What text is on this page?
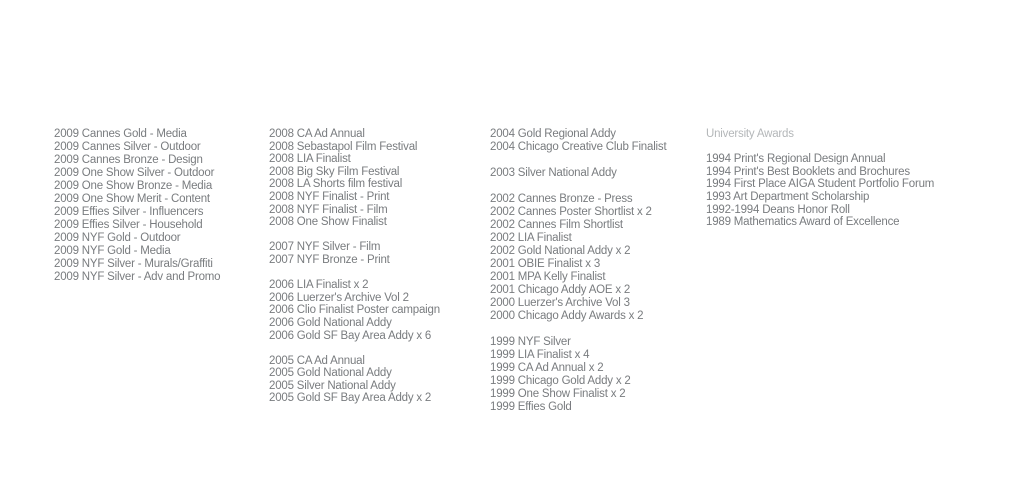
2009 Cannes Gold - Media
2009 Cannes Silver - Outdoor
2009 Cannes Bronze - Design
2009 One Show Silver - Outdoor
2009 One Show Bronze - Media
2009 One Show Merit - Content
2009 Effies Silver - Influencers
2009 Effies Silver - Household
2009 NYF Gold - Outdoor
2009 NYF Gold - Media
2009 NYF Silver - Murals/Graffiti
2009 NYF Silver - Adv and Promo
2008 CA Ad Annual
2008 Sebastapol Film Festival
2008 LIA Finalist
2008 Big Sky Film Festival
2008 LA Shorts film festival
2008 NYF Finalist - Print
2008 NYF Finalist - Film
2008 One Show Finalist
2007 NYF Silver - Film
2007 NYF Bronze - Print
2006 LIA Finalist x 2
2006 Luerzer's Archive Vol 2
2006 Clio Finalist Poster campaign
2006 Gold National Addy
2006 Gold SF Bay Area Addy x 6
2005 CA Ad Annual
2005 Gold National Addy
2005 Silver National Addy
2005 Gold SF Bay Area Addy x 2
2004 Gold Regional Addy
2004 Chicago Creative Club Finalist
2003 Silver National Addy
2002 Cannes Bronze - Press
2002 Cannes Poster Shortlist x 2
2002 Cannes Film Shortlist
2002 LIA Finalist
2002 Gold National Addy x 2
2001 OBIE Finalist x 3
2001 MPA Kelly Finalist
2001 Chicago Addy AOE x 2
2000 Luerzer's Archive Vol 3
2000 Chicago Addy Awards x 2
1999 NYF Silver
1999 LIA Finalist x 4
1999 CA Ad Annual x 2
1999 Chicago Gold Addy x 2
1999 One Show Finalist x 2
1999 Effies Gold
University Awards
1994 Print's Regional Design Annual
1994 Print's Best Booklets and Brochures
1994 First Place AIGA Student Portfolio Forum
1993 Art Department Scholarship
1992-1994 Deans Honor Roll
1989 Mathematics Award of Excellence
